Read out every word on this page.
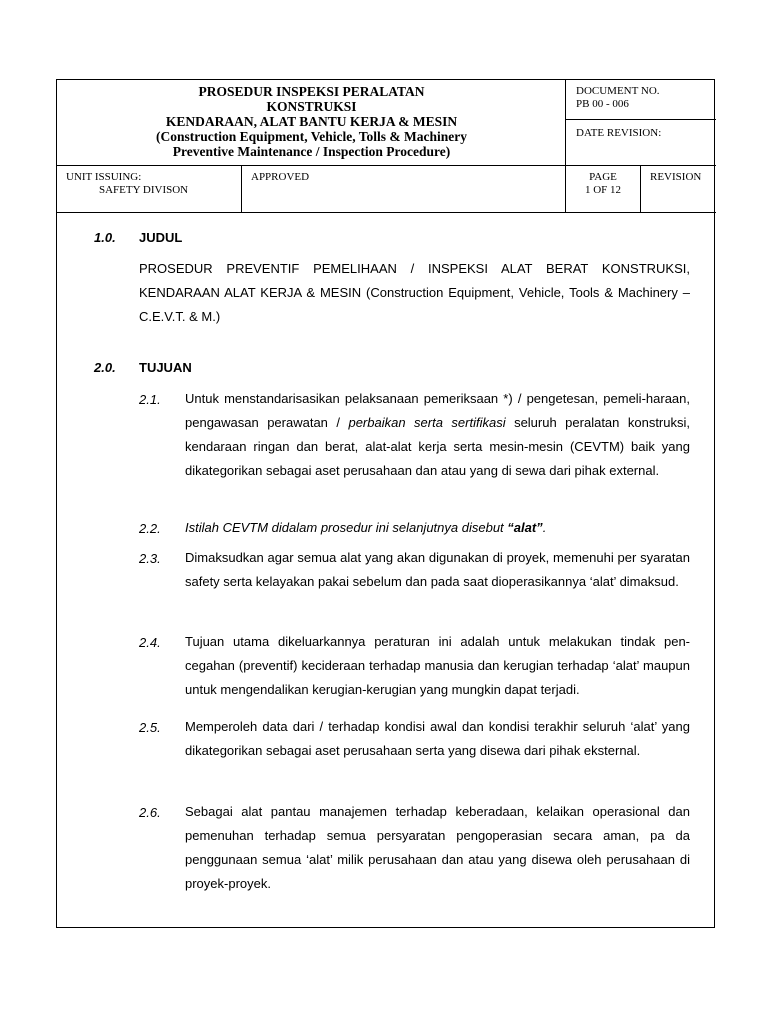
PROSEDUR INSPEKSI PERALATAN
KONSTRUKSI
KENDARAAN, ALAT BANTU KERJA & MESIN
(Construction Equipment, Vehicle, Tolls & Machinery
Preventive Maintenance / Inspection Procedure)
DOCUMENT NO.
PB 00 - 006
DATE REVISION:
UNIT ISSUING:
SAFETY DIVISON
APPROVED	PAGE
1 OF 12
REVISION
1.0. JUDUL
PROSEDUR PREVENTIF PEMELIHAAN / INSPEKSI ALAT BERAT KONSTRUKSI, KENDARAAN ALAT KERJA & MESIN (Construction Equipment, Vehicle, Tools & Machinery – C.E.V.T. & M.)
2.0. TUJUAN
2.1. Untuk menstandarisasikan pelaksanaan pemeriksaan *) / pengetesan, pemeli-haraan, pengawasan perawatan / perbaikan serta sertifikasi seluruh peralatan konstruksi, kendaraan ringan dan berat, alat-alat kerja serta mesin-mesin (CEVTM) baik yang dikategorikan sebagai aset perusahaan dan atau yang di sewa dari pihak external.
2.2. Istilah CEVTM didalam prosedur ini selanjutnya disebut “alat”.
2.3. Dimaksudkan agar semua alat yang akan digunakan di proyek, memenuhi per syaratan safety serta kelayakan pakai sebelum dan pada saat dioperasikannya ‘alat’ dimaksud.
2.4. Tujuan utama dikeluarkannya peraturan ini adalah untuk melakukan tindak pen-cegahan (preventif) kecideraan terhadap manusia dan kerugian terhadap ‘alat’ maupun untuk mengendalikan kerugian-kerugian yang mungkin dapat terjadi.
2.5. Memperoleh data dari / terhadap kondisi awal dan kondisi terakhir seluruh ‘alat’ yang dikategorikan sebagai aset perusahaan serta yang disewa dari pihak eksternal.
2.6. Sebagai alat pantau manajemen terhadap keberadaan, kelaikan operasional dan pemenuhan terhadap semua persyaratan pengoperasian secara aman, pa da penggunaan semua ‘alat’ milik perusahaan dan atau yang disewa oleh perusahaan di proyek-proyek.
